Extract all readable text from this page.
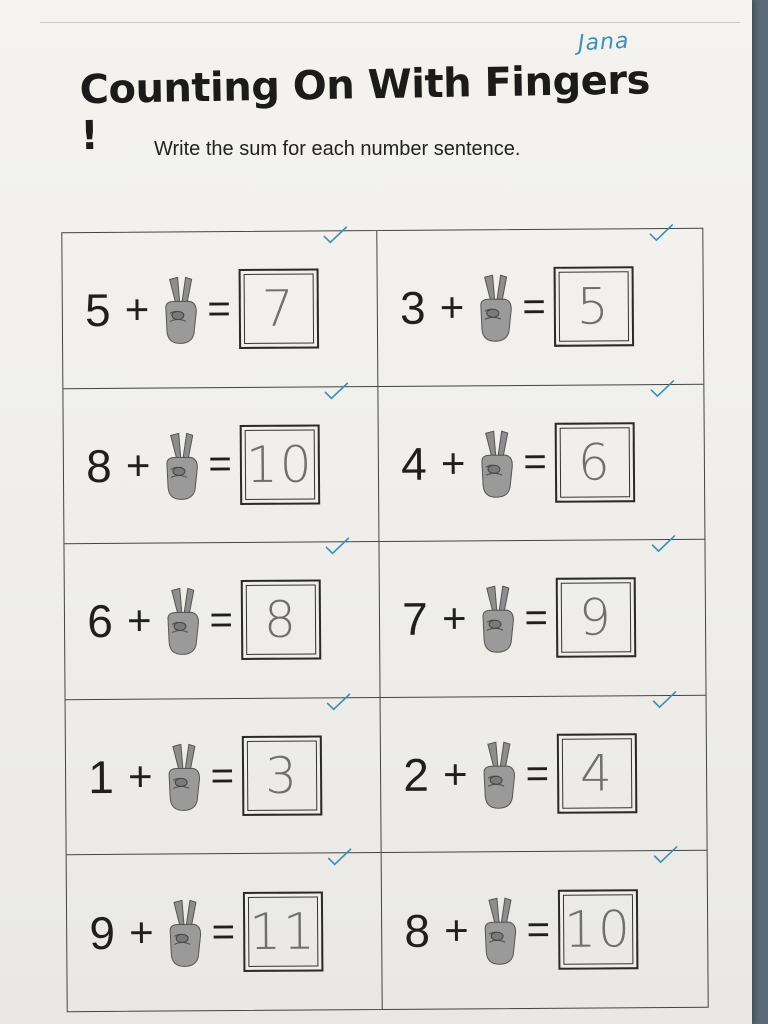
Jana
Counting On With Fingers !	Write the sum for each number sentence.
5 + = 7 3 + = 5
8 + = 10 4 + = 6
6 + = 8 7 + = 9
1 + = 3 2 + = 4
9 + = 11 8 + = 10
